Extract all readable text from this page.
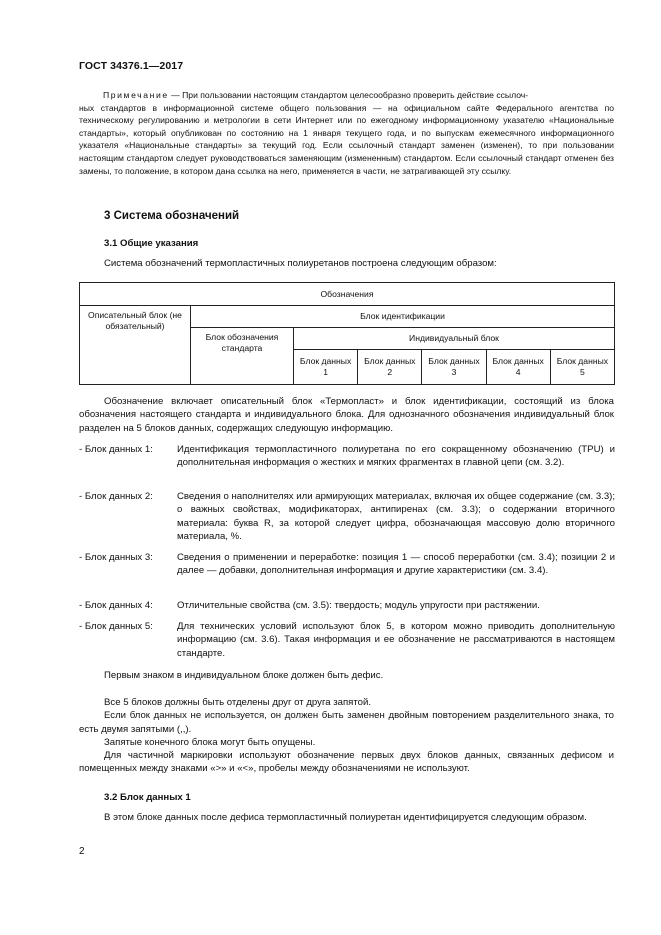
ГОСТ 34376.1—2017

Примечание — При пользовании настоящим стандартом целесообразно проверить действие ссылоч-

ных стандартов в информационной системе общего пользования — на официальном сайте Федерального агентства по техническому регулированию и метрологии в сети Интернет или по ежегодному информационному указателю «Национальные стандарты», который опубликован по состоянию на 1 января текущего года, и по выпускам ежемесячного информационного указателя «Национальные стандарты» за текущий год. Если ссылочный стандарт заменен (изменен), то при пользовании настоящим стандартом следует руководствоваться заменяющим (измененным) стандартом. Если ссылочный стандарт отменен без замены, то положение, в котором дана ссылка на него, применяется в части, не затрагивающей эту ссылку.

3 Система обозначений
3.1 Общие указания

Система обозначений термопластичных полиуретанов построена следующим образом:

Обозначения						
Описательный блок (не обязательный)	Блок идентификации					
	Блок обозначения стандарта	Индивидуальный блок				
		Блок данных 1	Блок данных 2	Блок данных 3	Блок данных 4	Блок данных 5

Обозначение включает описательный блок «Термопласт» и блок идентификации, состоящий из блока обозначения настоящего стандарта и индивидуального блока. Для однозначного обозначения индивидуальный блок разделен на 5 блоков данных, содержащих следующую информацию.

- Блок данных 1:	Идентификация термопластичного полиуретана по его сокращенному обозначению (TPU) и дополнительная информация о жестких и мягких фрагментах в главной цепи (см. 3.2).
- Блок данных 2:	Сведения о наполнителях или армирующих материалах, включая их общее содержание (см. 3.3); о важных свойствах, модификаторах, антипиренах (см. 3.3); о содержании вторичного материала: буква R, за которой следует цифра, обозначающая массовую долю вторичного материала, %.
- Блок данных 3:	Сведения о применении и переработке: позиция 1 — способ переработки (см. 3.4); позиции 2 и далее — добавки, дополнительная информация и другие характеристики (см. 3.4).
- Блок данных 4:	Отличительные свойства (см. 3.5): твердость; модуль упругости при растяжении.
- Блок данных 5:	Для технических условий используют блок 5, в котором можно приводить дополнительную информацию (см. 3.6). Такая информация и ее обозначение не рассматриваются в настоящем стандарте.

Первым знаком в индивидуальном блоке должен быть дефис.

Все 5 блоков должны быть отделены друг от друга запятой.

Если блок данных не используется, он должен быть заменен двойным повторением разделительного знака, то есть двумя запятыми (,,).

Запятые конечного блока могут быть опущены.

Для частичной маркировки используют обозначение первых двух блоков данных, связанных дефисом и помещенных между знаками «>» и «<», пробелы между обозначениями не используют.

3.2 Блок данных 1

В этом блоке данных после дефиса термопластичный полиуретан идентифицируется следующим образом.

2
